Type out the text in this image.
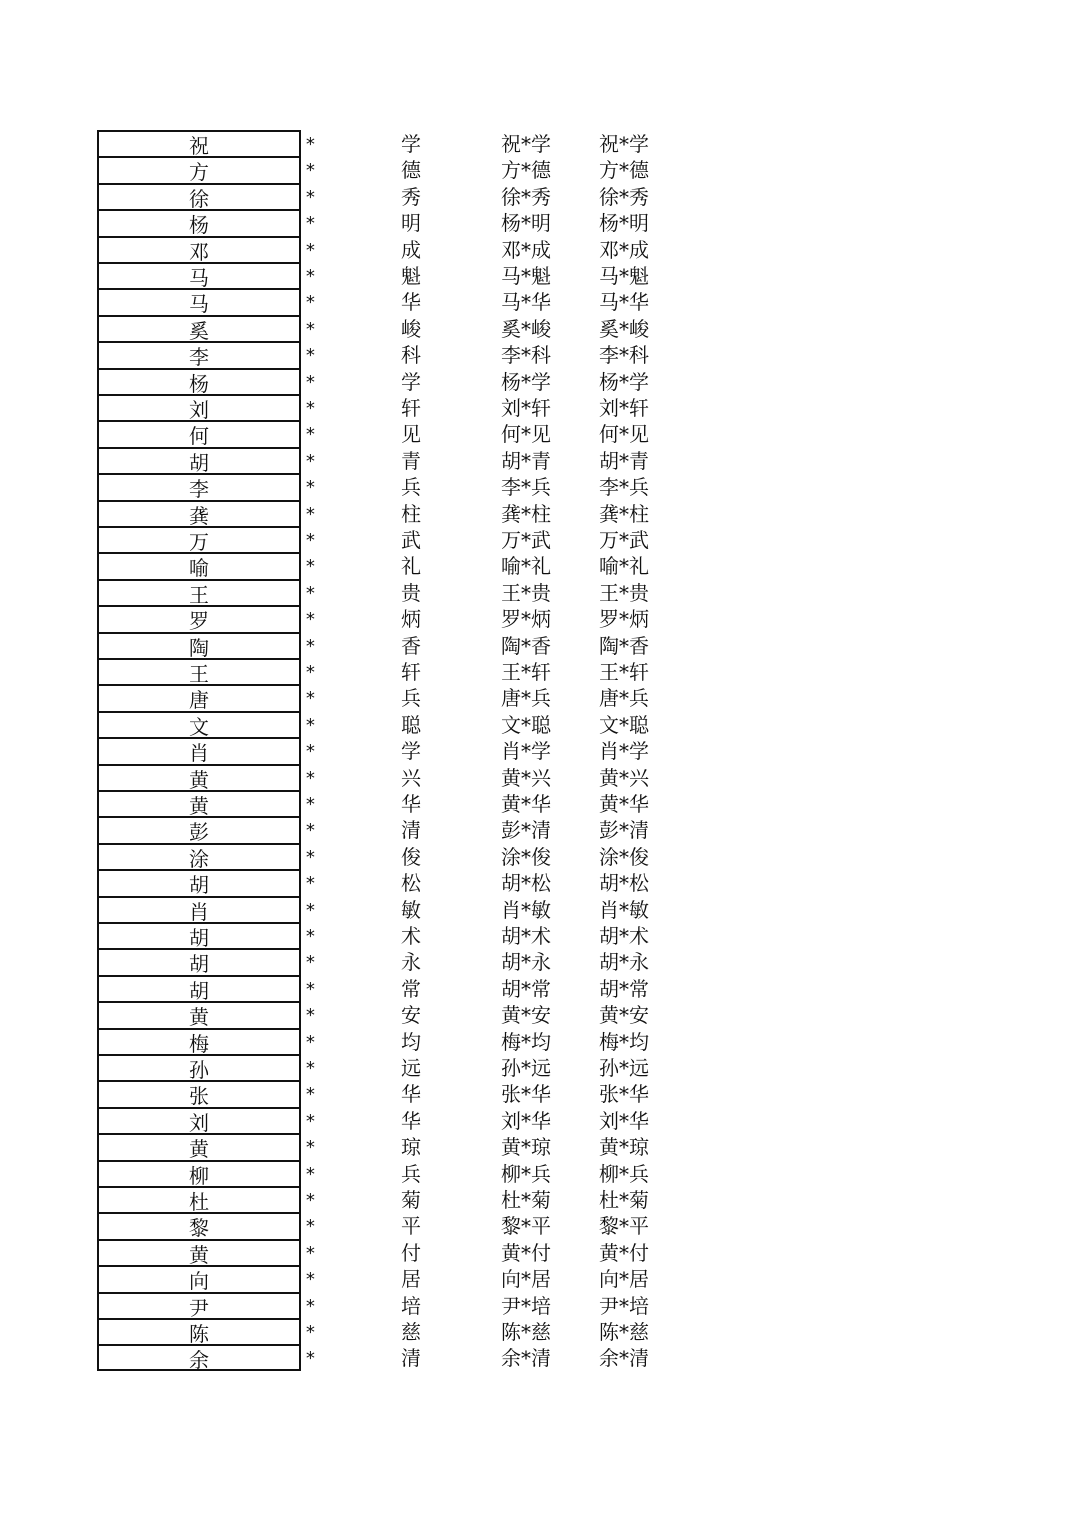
祝	*	学	祝*学	祝*学
方	*	德	方*德	方*德
徐	*	秀	徐*秀	徐*秀
杨	*	明	杨*明	杨*明
邓	*	成	邓*成	邓*成
马	*	魁	马*魁	马*魁
马	*	华	马*华	马*华
奚	*	峻	奚*峻	奚*峻
李	*	科	李*科	李*科
杨	*	学	杨*学	杨*学
刘	*	轩	刘*轩	刘*轩
何	*	见	何*见	何*见
胡	*	青	胡*青	胡*青
李	*	兵	李*兵	李*兵
龚	*	柱	龚*柱	龚*柱
万	*	武	万*武	万*武
喻	*	礼	喻*礼	喻*礼
王	*	贵	王*贵	王*贵
罗	*	炳	罗*炳	罗*炳
陶	*	香	陶*香	陶*香
王	*	轩	王*轩	王*轩
唐	*	兵	唐*兵	唐*兵
文	*	聪	文*聪	文*聪
肖	*	学	肖*学	肖*学
黄	*	兴	黄*兴	黄*兴
黄	*	华	黄*华	黄*华
彭	*	清	彭*清	彭*清
涂	*	俊	涂*俊	涂*俊
胡	*	松	胡*松	胡*松
肖	*	敏	肖*敏	肖*敏
胡	*	术	胡*术	胡*术
胡	*	永	胡*永	胡*永
胡	*	常	胡*常	胡*常
黄	*	安	黄*安	黄*安
梅	*	均	梅*均	梅*均
孙	*	远	孙*远	孙*远
张	*	华	张*华	张*华
刘	*	华	刘*华	刘*华
黄	*	琼	黄*琼	黄*琼
柳	*	兵	柳*兵	柳*兵
杜	*	菊	杜*菊	杜*菊
黎	*	平	黎*平	黎*平
黄	*	付	黄*付	黄*付
向	*	居	向*居	向*居
尹	*	培	尹*培	尹*培
陈	*	慈	陈*慈	陈*慈
余	*	清	余*清	余*清
